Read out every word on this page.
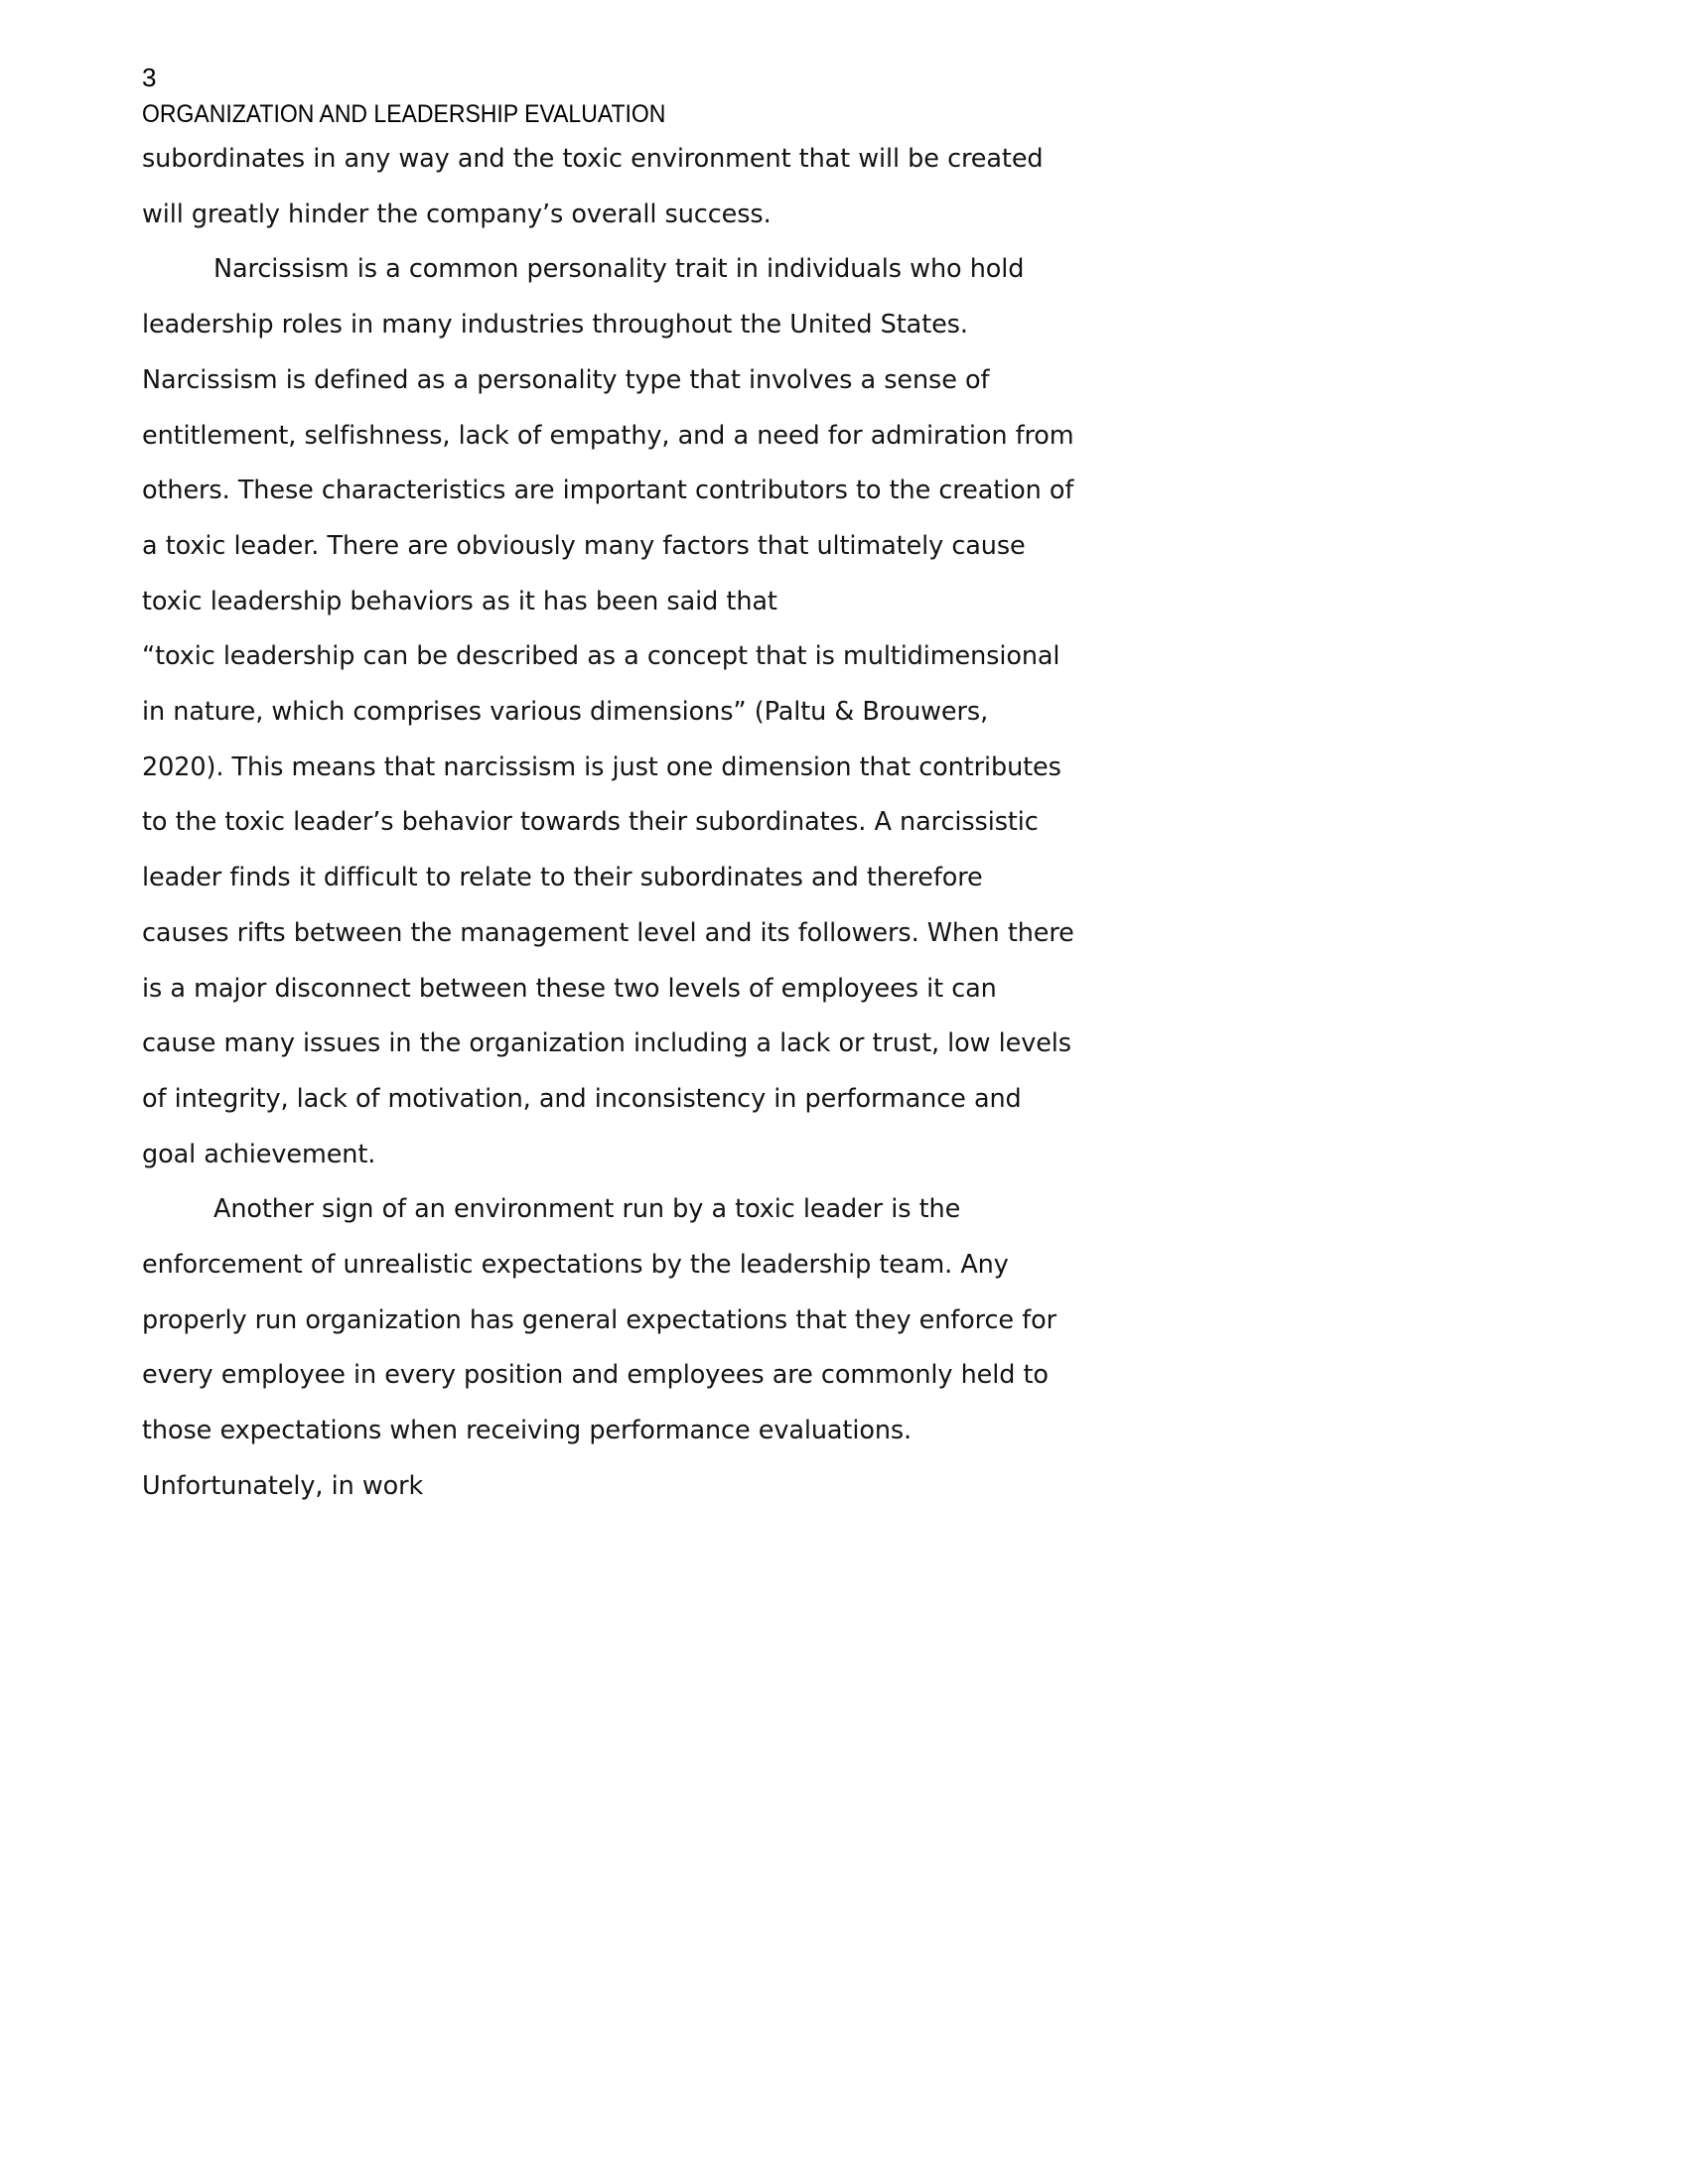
3
ORGANIZATION AND LEADERSHIP EVALUATION

subordinates in any way and the toxic environment that will be created will greatly hinder the company’s overall success.

Narcissism is a common personality trait in individuals who hold leadership roles in many industries throughout the United States. Narcissism is defined as a personality type that involves a sense of entitlement, selfishness, lack of empathy, and a need for admiration from others. These characteristics are important contributors to the creation of a toxic leader. There are obviously many factors that ultimately cause toxic leadership behaviors as it has been said that

“toxic leadership can be described as a concept that is multidimensional in nature, which comprises various dimensions” (Paltu & Brouwers, 2020). This means that narcissism is just one dimension that contributes to the toxic leader’s behavior towards their subordinates. A narcissistic leader finds it difficult to relate to their subordinates and therefore causes rifts between the management level and its followers. When there is a major disconnect between these two levels of employees it can cause many issues in the organization including a lack or trust, low levels of integrity, lack of motivation, and inconsistency in performance and goal achievement.

Another sign of an environment run by a toxic leader is the enforcement of unrealistic expectations by the leadership team. Any properly run organization has general expectations that they enforce for every employee in every position and employees are commonly held to those expectations when receiving performance evaluations. Unfortunately, in work
